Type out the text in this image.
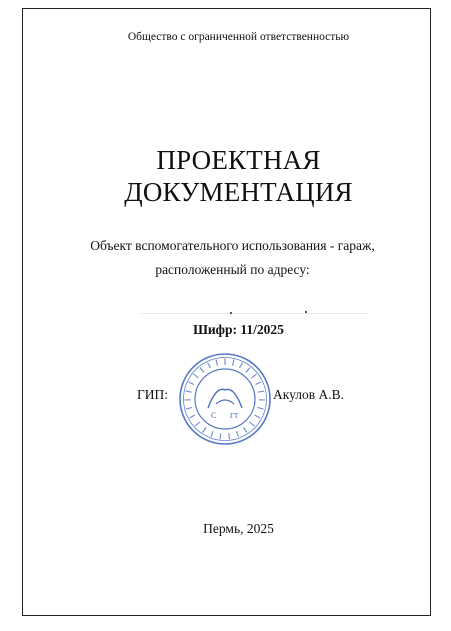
Общество с ограниченной ответственностью
ПРОЕКТНАЯ
ДОКУМЕНТАЦИЯ
Объект вспомогательного использования - гараж,
расположенный по адресу:
Шифр: 11/2025
ГИП:
С ГТ
Акулов А.В.
Пермь, 2025
